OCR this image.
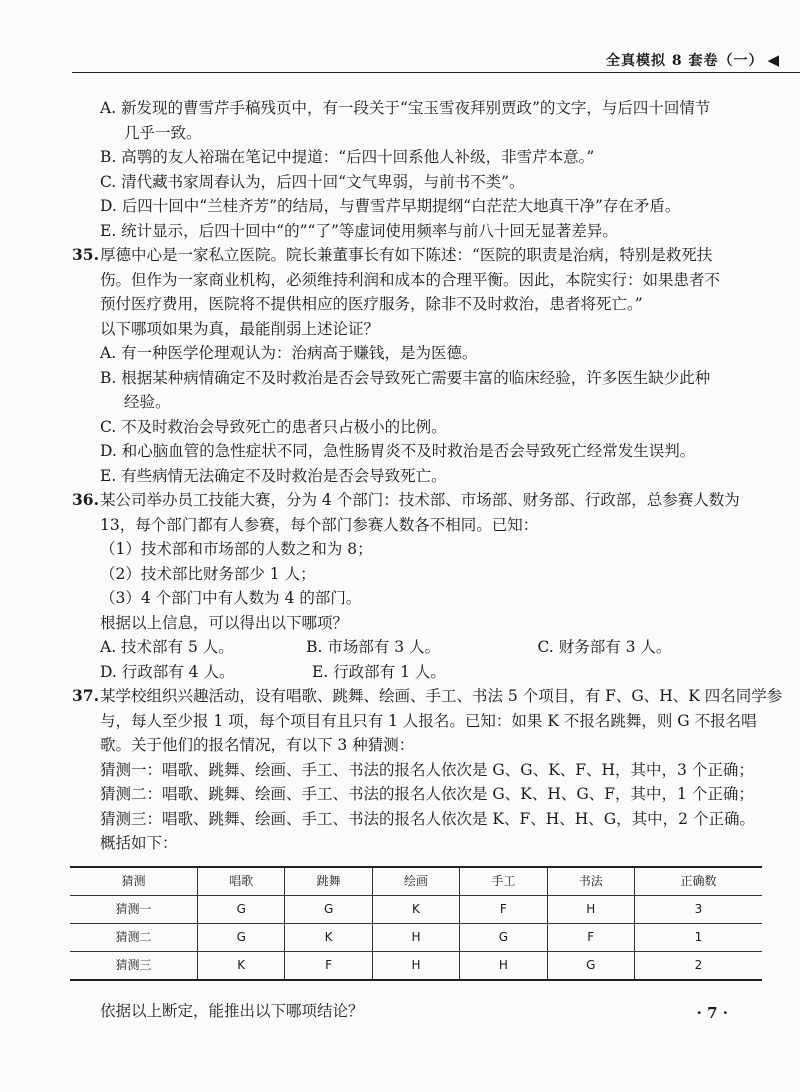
全真模拟 8 套卷（一） ◀
A. 新发现的曹雪芹手稿残页中，有一段关于“宝玉雪夜拜别贾政”的文字，与后四十回情节
几乎一致。
B. 高鹗的友人裕瑞在笔记中提道：“后四十回系他人补级，非雪芹本意。”
C. 清代藏书家周春认为，后四十回“文气卑弱，与前书不类”。
D. 后四十回中“兰桂齐芳”的结局，与曹雪芹早期提纲“白茫茫大地真干净”存在矛盾。
E. 统计显示，后四十回中“的”“了”等虚词使用频率与前八十回无显著差异。
35.厚德中心是一家私立医院。院长兼董事长有如下陈述：“医院的职责是治病，特别是救死扶
伤。但作为一家商业机构，必须维持利润和成本的合理平衡。因此，本院实行：如果患者不
预付医疗费用，医院将不提供相应的医疗服务，除非不及时救治，患者将死亡。”
以下哪项如果为真，最能削弱上述论证？
A. 有一种医学伦理观认为：治病高于赚钱，是为医德。
B. 根据某种病情确定不及时救治是否会导致死亡需要丰富的临床经验，许多医生缺少此种
经验。
C. 不及时救治会导致死亡的患者只占极小的比例。
D. 和心脑血管的急性症状不同，急性肠胃炎不及时救治是否会导致死亡经常发生误判。
E. 有些病情无法确定不及时救治是否会导致死亡。
36.某公司举办员工技能大赛，分为 4 个部门：技术部、市场部、财务部、行政部，总参赛人数为
13，每个部门都有人参赛，每个部门参赛人数各不相同。已知：
（1）技术部和市场部的人数之和为 8；
（2）技术部比财务部少 1 人；
（3）4 个部门中有人数为 4 的部门。
根据以上信息，可以得出以下哪项？
A. 技术部有 5 人。	B. 市场部有 3 人。	C. 财务部有 3 人。
D. 行政部有 4 人。	E. 行政部有 1 人。
37.某学校组织兴趣活动，设有唱歌、跳舞、绘画、手工、书法 5 个项目，有 F、G、H、K 四名同学参
与，每人至少报 1 项，每个项目有且只有 1 人报名。已知：如果 K 不报名跳舞，则 G 不报名唱
歌。关于他们的报名情况，有以下 3 种猜测：
猜测一：唱歌、跳舞、绘画、手工、书法的报名人依次是 G、G、K、F、H，其中，3 个正确；
猜测二：唱歌、跳舞、绘画、手工、书法的报名人依次是 G、K、H、G、F，其中，1 个正确；
猜测三：唱歌、跳舞、绘画、手工、书法的报名人依次是 K、F、H、H、G，其中，2 个正确。
概括如下：
猜测	唱歌	跳舞	绘画	手工	书法	正确数
猜测一	G	G	K	F	H	3
猜测二	G	K	H	G	F	1
猜测三	K	F	H	H	G	2
依据以上断定，能推出以下哪项结论？	· 7 ·
